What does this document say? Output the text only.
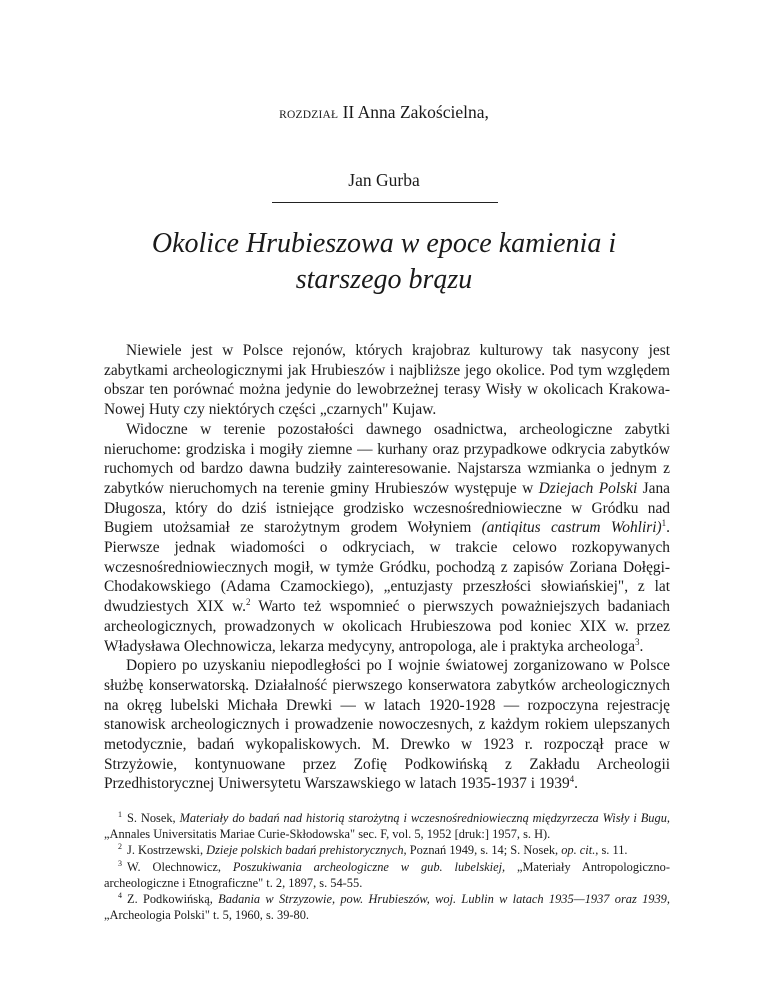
ROZDZIAŁ II Anna Zakościelna,
Jan Gurba
Okolice Hrubieszowa w epoce kamienia i
starszego brązu

Niewiele jest w Polsce rejonów, których krajobraz kulturowy tak nasycony jest zabytkami archeologicznymi jak Hrubieszów i najbliższe jego okolice. Pod tym względem obszar ten porównać można jedynie do lewobrzeżnej terasy Wisły w okolicach Krakowa-Nowej Huty czy niektórych części „czarnych" Kujaw.

Widoczne w terenie pozostałości dawnego osadnictwa, archeologiczne zabytki nieruchome: grodziska i mogiły ziemne — kurhany oraz przypadkowe odkrycia zabytków ruchomych od bardzo dawna budziły zainteresowanie. Najstarsza wzmianka o jednym z zabytków nieruchomych na terenie gminy Hrubieszów występuje w Dziejach Polski Jana Długosza, który do dziś istniejące grodzisko wczesnośredniowieczne w Gródku nad Bugiem utożsamiał ze starożytnym grodem Wołyniem (antiqitus castrum Wohliri)$^1$. Pierwsze jednak wiadomości o odkryciach, w trakcie celowo rozkopywanych wczesnośredniowiecznych mogił, w tymże Gródku, pochodzą z zapisów Zoriana Dołęgi-Chodakowskiego (Adama Czamockiego), „entuzjasty przeszłości słowiańskiej", z lat dwudziestych XIX w.$^2$ Warto też wspomnieć o pierwszych poważniejszych badaniach archeologicznych, prowadzonych w okolicach Hrubieszowa pod koniec XIX w. przez Władysława Olechnowicza, lekarza medycyny, antropologa, ale i praktyka archeologa$^3$.

Dopiero po uzyskaniu niepodległości po I wojnie światowej zorganizowano w Polsce służbę konserwatorską. Działalność pierwszego konserwatora zabytków archeologicznych na okręg lubelski Michała Drewki — w latach 1920-1928 — rozpoczyna rejestrację stanowisk archeologicznych i prowadzenie nowoczesnych, z każdym rokiem ulepszanych metodycznie, badań wykopaliskowych. M. Drewko w 1923 r. rozpoczął prace w Strzyżowie, kontynuowane przez Zofię Podkowińską z Zakładu Archeologii Przedhistorycznej Uniwersytetu Warszawskiego w latach 1935-1937 i 1939$^4$.

$^1$ S. Nosek, Materiały do badań nad historią starożytną i wczesnośredniowieczną międzyrzecza Wisły i Bugu, „Annales Universitatis Mariae Curie-Skłodowska" sec. F, vol. 5, 1952 [druk:] 1957, s. H).

$^2$ J. Kostrzewski, Dzieje polskich badań prehistorycznych, Poznań 1949, s. 14; S. Nosek, op. cit., s. 11.

$^3$ W. Olechnowicz, Poszukiwania archeologiczne w gub. lubelskiej, „Materiały Antropologiczno-archeologiczne i Etnograficzne" t. 2, 1897, s. 54-55.

$^4$ Z. Podkowińską, Badania w Strzyzowie, pow. Hrubieszów, woj. Lublin w latach 1935—1937 oraz 1939, „Archeologia Polski" t. 5, 1960, s. 39-80.
